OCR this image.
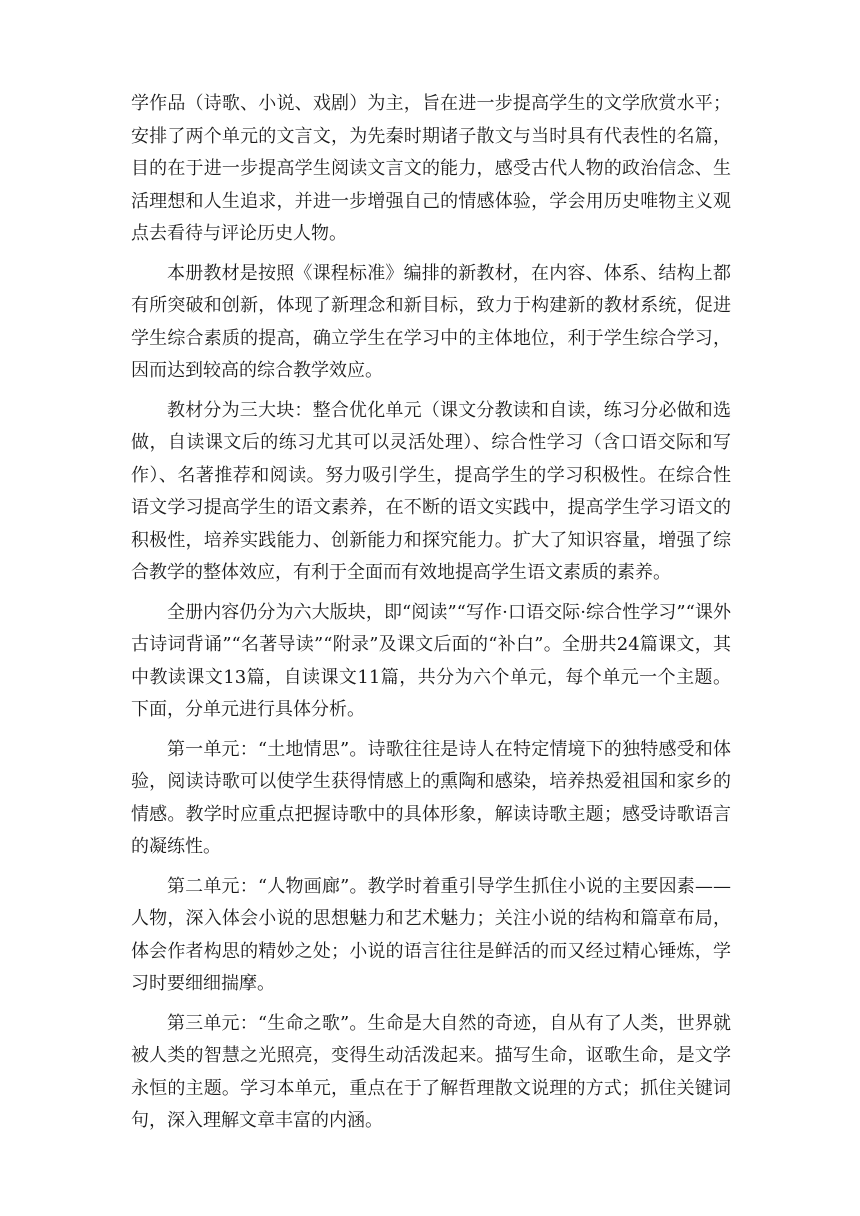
学作品（诗歌、小说、戏剧）为主，旨在进一步提高学生的文学欣赏水平；安排了两个单元的文言文，为先秦时期诸子散文与当时具有代表性的名篇，目的在于进一步提高学生阅读文言文的能力，感受古代人物的政治信念、生活理想和人生追求，并进一步增强自己的情感体验，学会用历史唯物主义观点去看待与评论历史人物。

本册教材是按照《课程标准》编排的新教材，在内容、体系、结构上都有所突破和创新，体现了新理念和新目标，致力于构建新的教材系统，促进学生综合素质的提高，确立学生在学习中的主体地位，利于学生综合学习，因而达到较高的综合教学效应。

教材分为三大块：整合优化单元（课文分教读和自读，练习分必做和选做，自读课文后的练习尤其可以灵活处理）、综合性学习（含口语交际和写作）、名著推荐和阅读。努力吸引学生，提高学生的学习积极性。在综合性语文学习提高学生的语文素养，在不断的语文实践中，提高学生学习语文的积极性，培养实践能力、创新能力和探究能力。扩大了知识容量，增强了综合教学的整体效应，有利于全面而有效地提高学生语文素质的素养。

全册内容仍分为六大版块，即“阅读”“写作·口语交际·综合性学习”“课外古诗词背诵”“名著导读”“附录”及课文后面的“补白”。全册共24篇课文，其中教读课文13篇，自读课文11篇，共分为六个单元，每个单元一个主题。下面，分单元进行具体分析。

第一单元：“土地情思”。诗歌往往是诗人在特定情境下的独特感受和体验，阅读诗歌可以使学生获得情感上的熏陶和感染，培养热爱祖国和家乡的情感。教学时应重点把握诗歌中的具体形象，解读诗歌主题；感受诗歌语言的凝练性。

第二单元：“人物画廊”。教学时着重引导学生抓住小说的主要因素——人物，深入体会小说的思想魅力和艺术魅力；关注小说的结构和篇章布局，体会作者构思的精妙之处；小说的语言往往是鲜活的而又经过精心锤炼，学习时要细细揣摩。

第三单元：“生命之歌”。生命是大自然的奇迹，自从有了人类，世界就被人类的智慧之光照亮，变得生动活泼起来。描写生命，讴歌生命，是文学永恒的主题。学习本单元，重点在于了解哲理散文说理的方式；抓住关键词句，深入理解文章丰富的内涵。
